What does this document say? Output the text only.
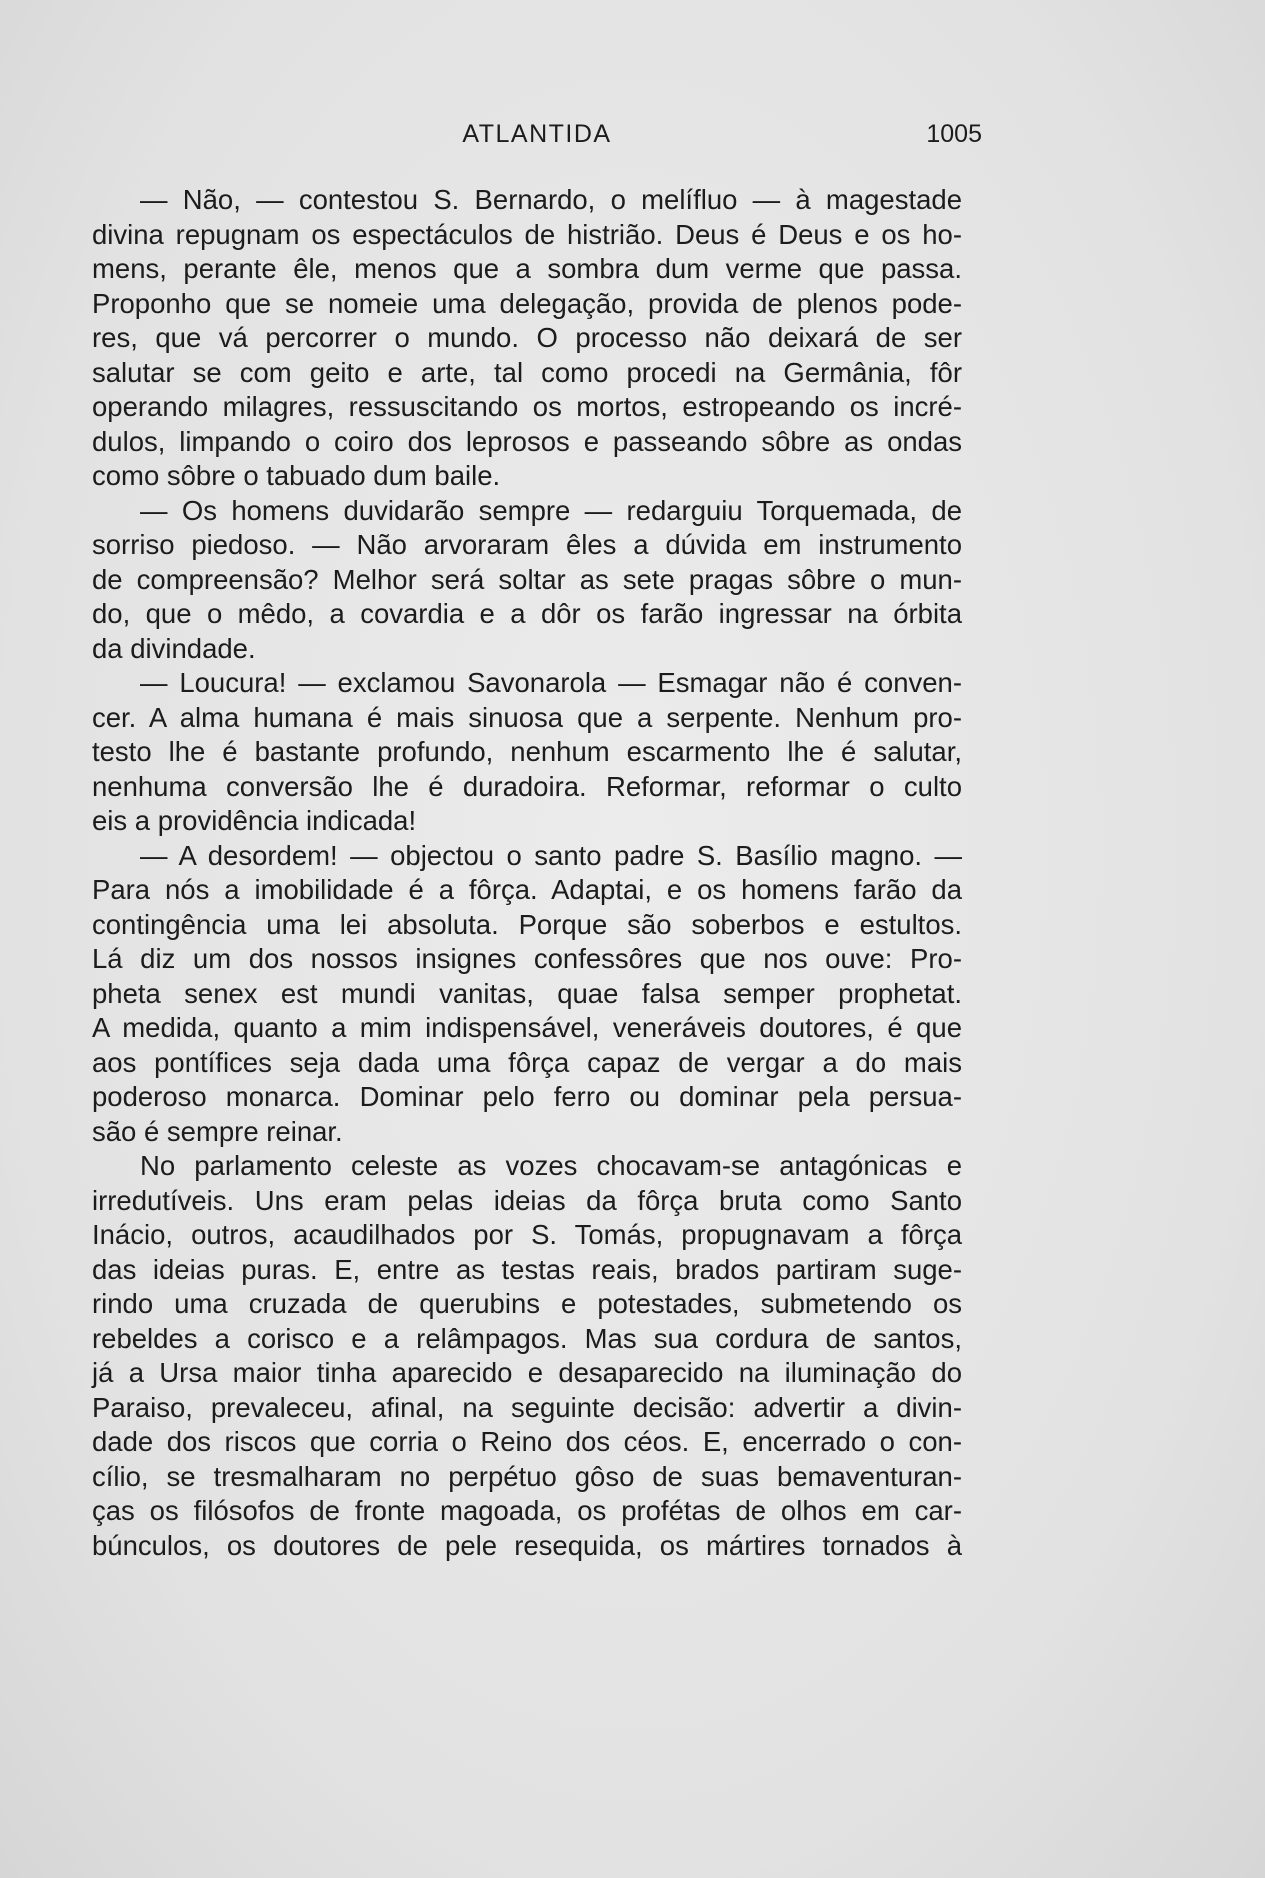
ATLANTIDA	1005
— Não, — contestou S. Bernardo, o melífluo — à magestade
divina repugnam os espectáculos de histrião. Deus é Deus e os ho-
mens, perante êle, menos que a sombra dum verme que passa.
Proponho que se nomeie uma delegação, provida de plenos pode-
res, que vá percorrer o mundo. O processo não deixará de ser
salutar se com geito e arte, tal como procedi na Germânia, fôr
operando milagres, ressuscitando os mortos, estropeando os incré-
dulos, limpando o coiro dos leprosos e passeando sôbre as ondas
como sôbre o tabuado dum baile.
— Os homens duvidarão sempre — redarguiu Torquemada, de
sorriso piedoso. — Não arvoraram êles a dúvida em instrumento
de compreensão? Melhor será soltar as sete pragas sôbre o mun-
do, que o mêdo, a covardia e a dôr os farão ingressar na órbita
da divindade.
— Loucura! — exclamou Savonarola — Esmagar não é conven-
cer. A alma humana é mais sinuosa que a serpente. Nenhum pro-
testo lhe é bastante profundo, nenhum escarmento lhe é salutar,
nenhuma conversão lhe é duradoira. Reformar, reformar o culto
eis a providência indicada!
— A desordem! — objectou o santo padre S. Basílio magno. —
Para nós a imobilidade é a fôrça. Adaptai, e os homens farão da
contingência uma lei absoluta. Porque são soberbos e estultos.
Lá diz um dos nossos insignes confessôres que nos ouve: Pro-
pheta senex est mundi vanitas, quae falsa semper prophetat.
A medida, quanto a mim indispensável, veneráveis doutores, é que
aos pontífices seja dada uma fôrça capaz de vergar a do mais
poderoso monarca. Dominar pelo ferro ou dominar pela persua-
são é sempre reinar.
No parlamento celeste as vozes chocavam-se antagónicas e
irredutíveis. Uns eram pelas ideias da fôrça bruta como Santo
Inácio, outros, acaudilhados por S. Tomás, propugnavam a fôrça
das ideias puras. E, entre as testas reais, brados partiram suge-
rindo uma cruzada de querubins e potestades, submetendo os
rebeldes a corisco e a relâmpagos. Mas sua cordura de santos,
já a Ursa maior tinha aparecido e desaparecido na iluminação do
Paraiso, prevaleceu, afinal, na seguinte decisão: advertir a divin-
dade dos riscos que corria o Reino dos céos. E, encerrado o con-
cílio, se tresmalharam no perpétuo gôso de suas bemaventuran-
ças os filósofos de fronte magoada, os profétas de olhos em car-
búnculos, os doutores de pele resequida, os mártires tornados à
